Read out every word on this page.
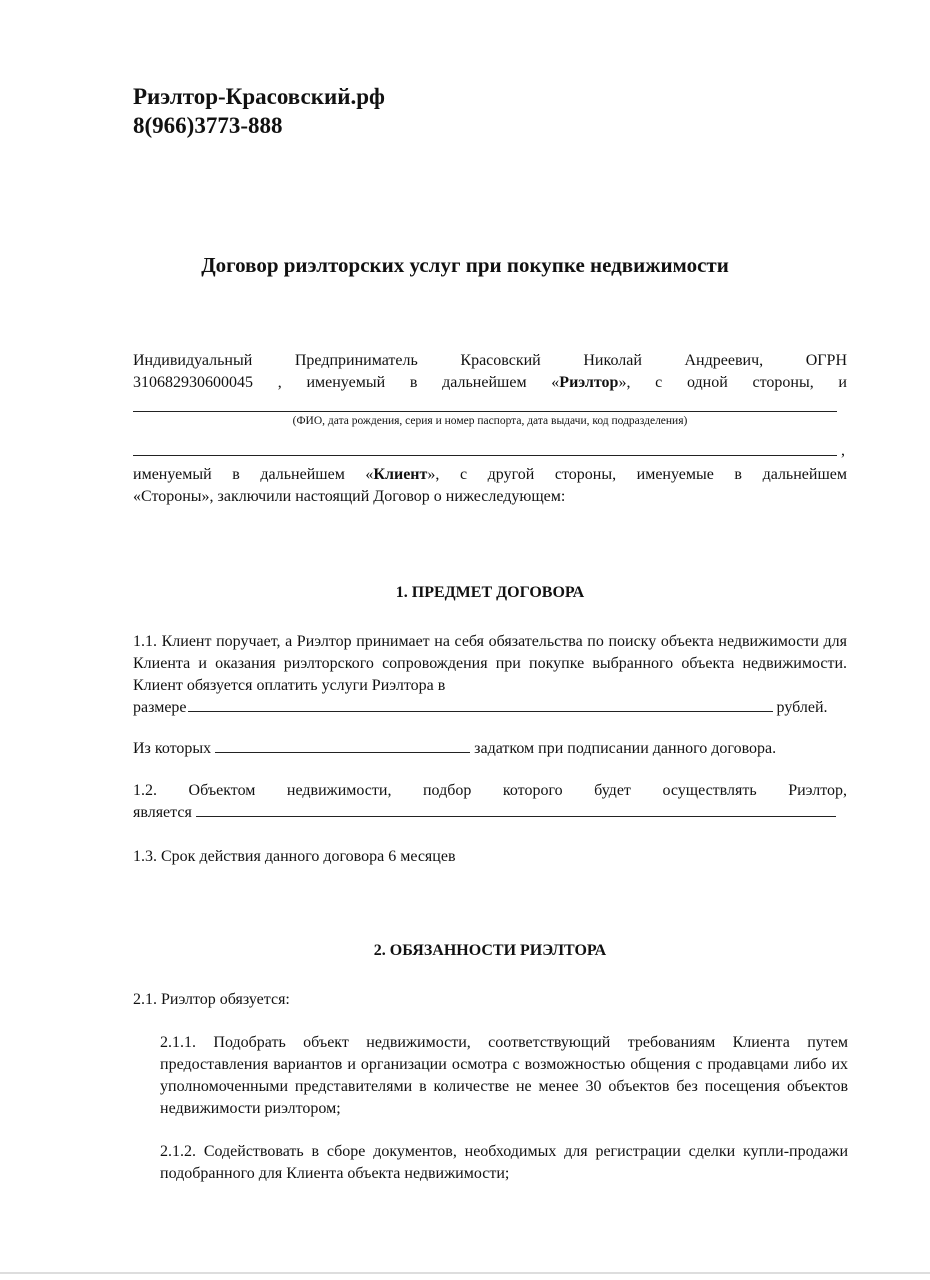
Риэлтор-Красовский.рф
8(966)3773-888
Договор риэлторских услуг при покупке недвижимости
Индивидуальный Предприниматель Красовский Николай Андреевич, ОГРН
310682930600045 , именуемый в дальнейшем «Риэлтор», с одной стороны, и
(ФИО, дата рождения, серия и номер паспорта, дата выдачи, код подразделения)
,
именуемый в дальнейшем «Клиент», с другой стороны, именуемые в дальнейшем
«Стороны», заключили настоящий Договор о нижеследующем:
1. ПРЕДМЕТ ДОГОВОРА
1.1. Клиент поручает, а Риэлтор принимает на себя обязательства по поиску объекта недвижимости для Клиента и оказания риэлторского сопровождения при покупке выбранного объекта недвижимости. Клиент обязуется оплатить услуги Риэлтора в
размере	рублей.
Из которых	задатком при подписании данного договора.
1.2. Объектом недвижимости, подбор которого будет осуществлять Риэлтор,
является
1.3. Срок действия данного договора 6 месяцев
2. ОБЯЗАННОСТИ РИЭЛТОРА
2.1. Риэлтор обязуется:
2.1.1. Подобрать объект недвижимости, соответствующий требованиям Клиента путем предоставления вариантов и организации осмотра с возможностью общения с продавцами либо их уполномоченными представителями в количестве не менее 30 объектов без посещения объектов недвижимости риэлтором;
2.1.2. Содействовать в сборе документов, необходимых для регистрации сделки купли-продажи подобранного для Клиента объекта недвижимости;
